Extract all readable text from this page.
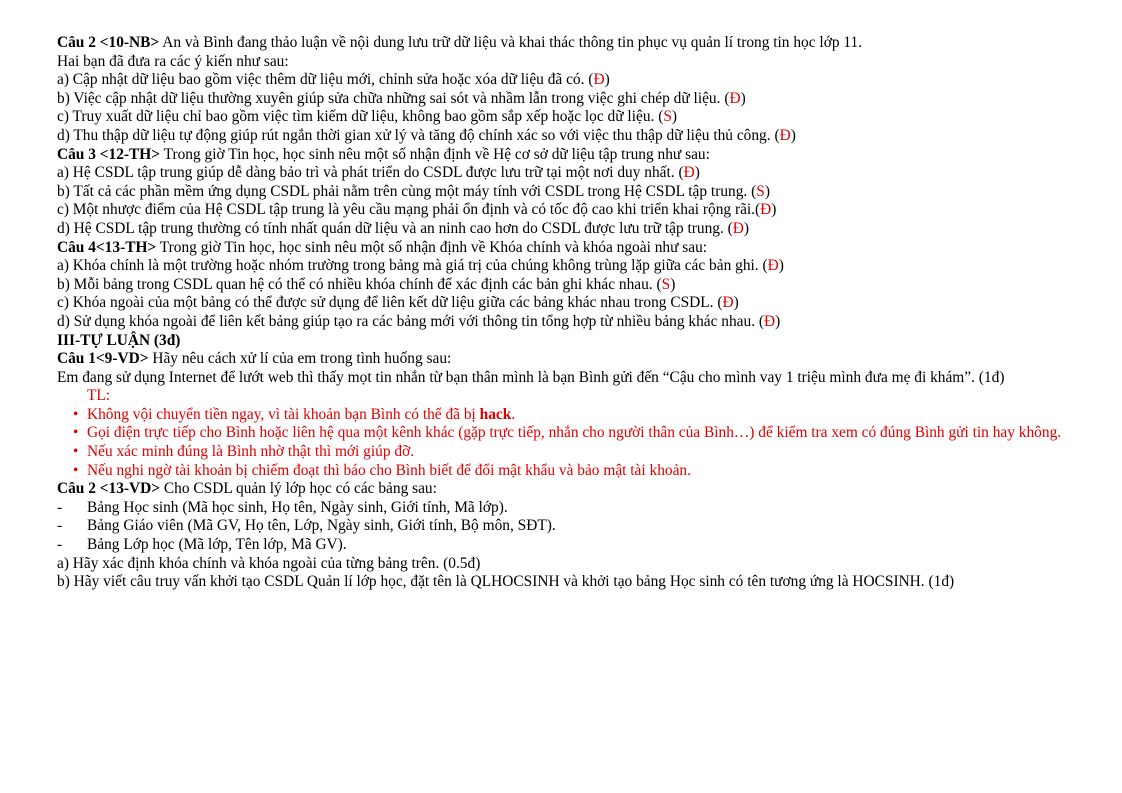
Câu 2 <10-NB> An và Bình đang thảo luận về nội dung lưu trữ dữ liệu và khai thác thông tin phục vụ quản lí trong tin học lớp 11.

Hai bạn đã đưa ra các ý kiến như sau:

a) Cập nhật dữ liệu bao gồm việc thêm dữ liệu mới, chỉnh sửa hoặc xóa dữ liệu đã có. (Đ)

b) Việc cập nhật dữ liệu thường xuyên giúp sửa chữa những sai sót và nhầm lẫn trong việc ghi chép dữ liệu. (Đ)

c) Truy xuất dữ liệu chỉ bao gồm việc tìm kiếm dữ liệu, không bao gồm sắp xếp hoặc lọc dữ liệu. (S)

d) Thu thập dữ liệu tự động giúp rút ngắn thời gian xử lý và tăng độ chính xác so với việc thu thập dữ liệu thủ công. (Đ)

Câu 3 <12-TH> Trong giờ Tin học, học sinh nêu một số nhận định về Hệ cơ sở dữ liệu tập trung như sau:

a) Hệ CSDL tập trung giúp dễ dàng bảo trì và phát triển do CSDL được lưu trữ tại một nơi duy nhất. (Đ)

b) Tất cả các phần mềm ứng dụng CSDL phải nằm trên cùng một máy tính với CSDL trong Hệ CSDL tập trung. (S)

c) Một nhược điểm của Hệ CSDL tập trung là yêu cầu mạng phải ổn định và có tốc độ cao khi triển khai rộng rãi.(Đ)

d) Hệ CSDL tập trung thường có tính nhất quán dữ liệu và an ninh cao hơn do CSDL được lưu trữ tập trung. (Đ)

Câu 4<13-TH> Trong giờ Tin học, học sinh nêu một số nhận định về Khóa chính và khóa ngoài như sau:

a) Khóa chính là một trường hoặc nhóm trường trong bảng mà giá trị của chúng không trùng lặp giữa các bản ghi. (Đ)

b) Mỗi bảng trong CSDL quan hệ có thể có nhiều khóa chính để xác định các bản ghi khác nhau. (S)

c) Khóa ngoài của một bảng có thể được sử dụng để liên kết dữ liệu giữa các bảng khác nhau trong CSDL. (Đ)

d) Sử dụng khóa ngoài để liên kết bảng giúp tạo ra các bảng mới với thông tin tổng hợp từ nhiều bảng khác nhau. (Đ)

III-TỰ LUẬN (3đ)

Câu 1<9-VD> Hãy nêu cách xử lí của em trong tình huống sau:

Em đang sử dụng Internet để lướt web thì thấy mọt tin nhắn từ bạn thân mình là bạn Bình gửi đến “Cậu cho mình vay 1 triệu mình đưa mẹ đi khám”. (1đ)

TL:

• Không vội chuyển tiền ngay, vì tài khoản bạn Bình có thể đã bị hack.
• Gọi điện trực tiếp cho Bình hoặc liên hệ qua một kênh khác (gặp trực tiếp, nhắn cho người thân của Bình…) để kiểm tra xem có đúng Bình gửi tin hay không.
• Nếu xác minh đúng là Bình nhờ thật thì mới giúp đỡ.
• Nếu nghi ngờ tài khoản bị chiếm đoạt thì báo cho Bình biết để đổi mật khẩu và bảo mật tài khoản.

Câu 2 <13-VD> Cho CSDL quản lý lớp học có các bảng sau:

- Bảng Học sinh (Mã học sinh, Họ tên, Ngày sinh, Giới tính, Mã lớp).
- Bảng Giáo viên (Mã GV, Họ tên, Lớp, Ngày sinh, Giới tính, Bộ môn, SĐT).
- Bảng Lớp học (Mã lớp, Tên lớp, Mã GV).

a) Hãy xác định khóa chính và khóa ngoài của từng bảng trên. (0.5đ)

b) Hãy viết câu truy vấn khởi tạo CSDL Quản lí lớp học, đặt tên là QLHOCSINH và khởi tạo bảng Học sinh có tên tương ứng là HOCSINH. (1đ)
